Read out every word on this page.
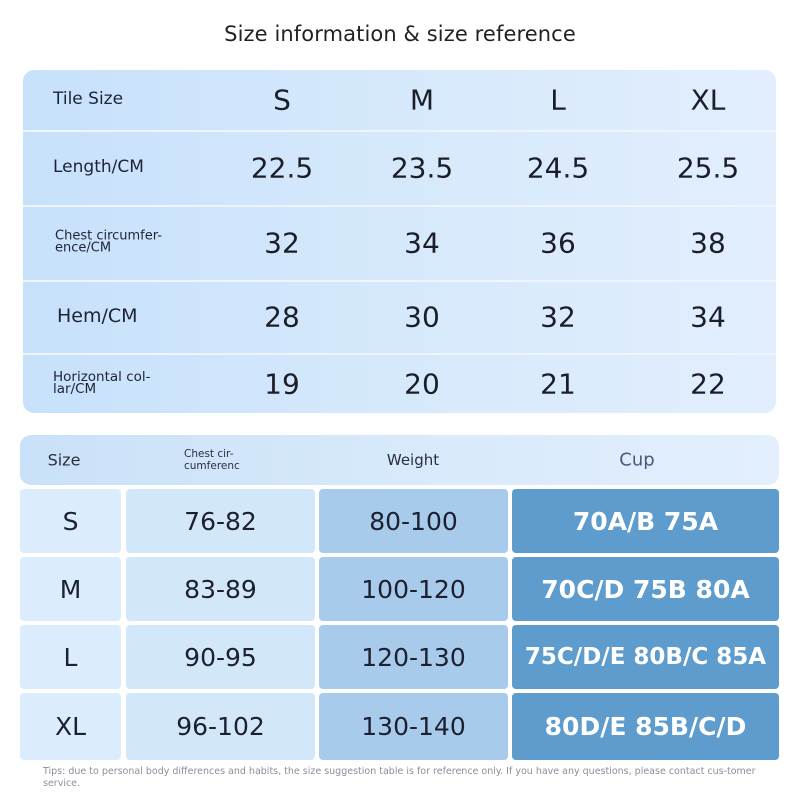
Size information & size reference
Tile Size	S	M	L	XL
Length/CM	22.5	23.5	24.5	25.5
Chest circumfer-ence/CM	32	34	36	38
Hem/CM	28	30	32	34
Horizontal col-lar/CM	19	20	21	22
Size	Chest cir-cumferenc	Weight	Cup
S	76-82	80-100	70A/B 75A
M	83-89	100-120	70C/D 75B 80A
L	90-95	120-130	75C/D/E 80B/C 85A
XL	96-102	130-140	80D/E 85B/C/D
Tips: due to personal body differences and habits, the size suggestion table is for reference only. If you have any questions, please contact cus-tomer service.
